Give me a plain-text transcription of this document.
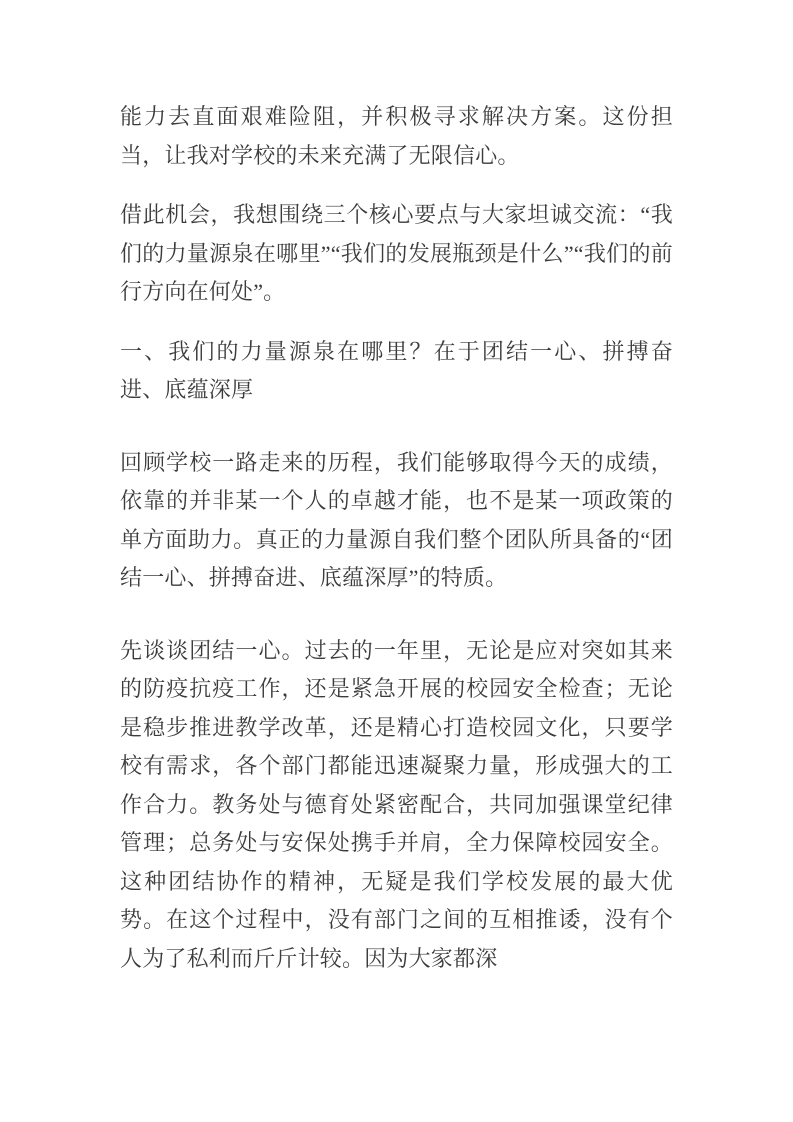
能力去直面艰难险阻，并积极寻求解决方案。这份担当，让我对学校的未来充满了无限信心。

借此机会，我想围绕三个核心要点与大家坦诚交流：“我们的力量源泉在哪里”“我们的发展瓶颈是什么”“我们的前行方向在何处”。

一、我们的力量源泉在哪里？在于团结一心、拼搏奋进、底蕴深厚

回顾学校一路走来的历程，我们能够取得今天的成绩，依靠的并非某一个人的卓越才能，也不是某一项政策的单方面助力。真正的力量源自我们整个团队所具备的“团结一心、拼搏奋进、底蕴深厚”的特质。

先谈谈团结一心。过去的一年里，无论是应对突如其来的防疫抗疫工作，还是紧急开展的校园安全检查；无论是稳步推进教学改革，还是精心打造校园文化，只要学校有需求，各个部门都能迅速凝聚力量，形成强大的工作合力。教务处与德育处紧密配合，共同加强课堂纪律管理；总务处与安保处携手并肩，全力保障校园安全。这种团结协作的精神，无疑是我们学校发展的最大优势。在这个过程中，没有部门之间的互相推诿，没有个人为了私利而斤斤计较。因为大家都深
